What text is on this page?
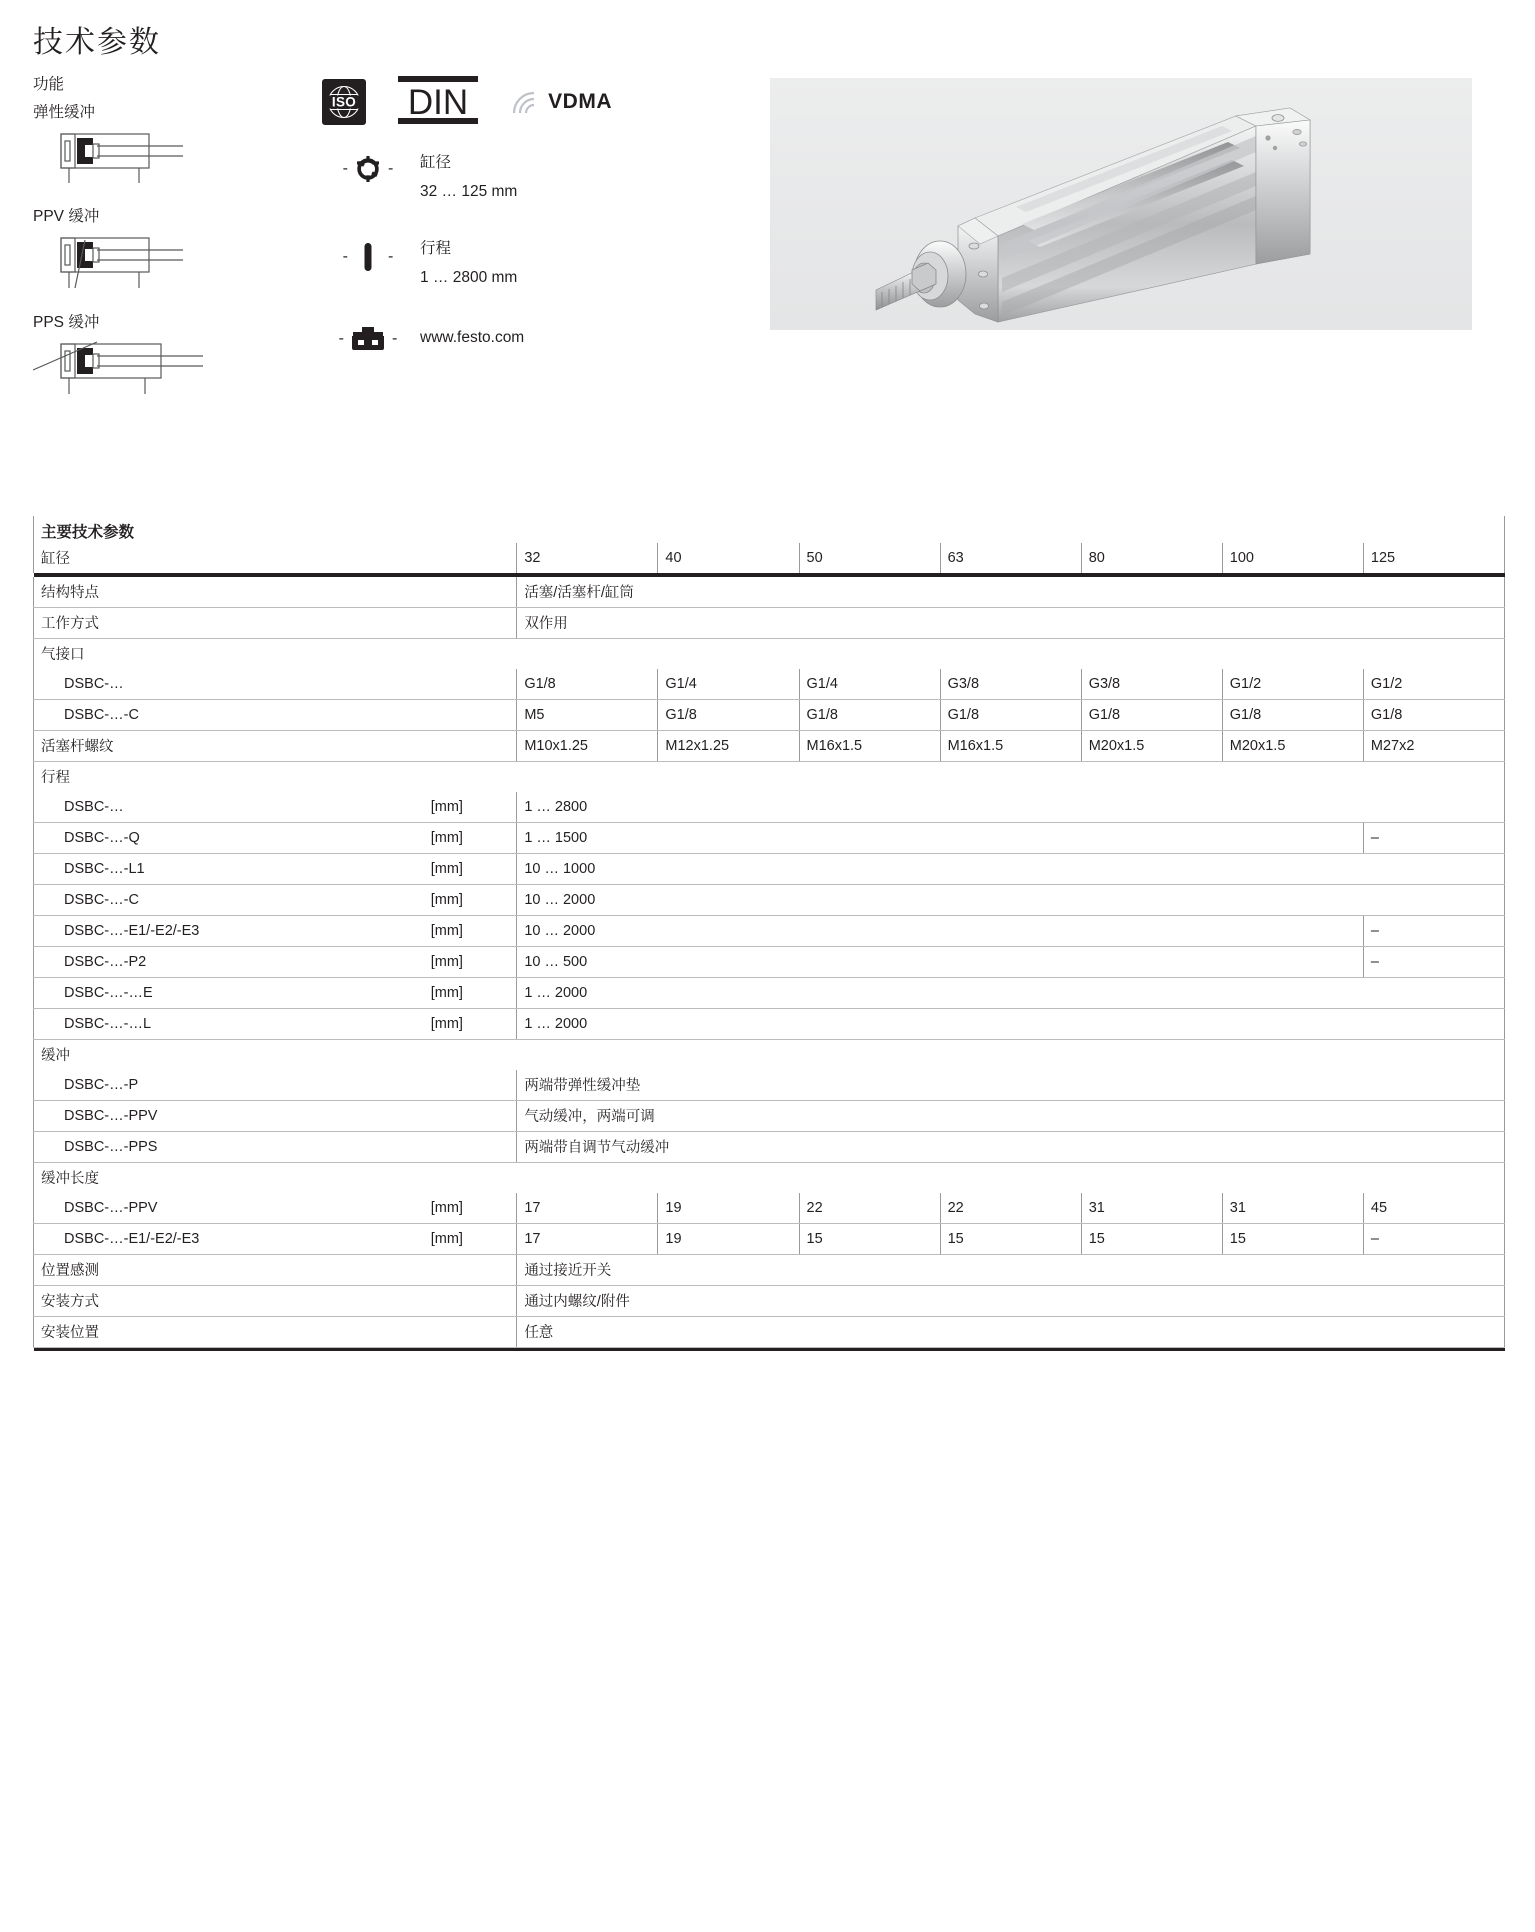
技术参数
功能
弹性缓冲
PPV 缓冲
PPS 缓冲
ISO DIN	VDMA
-	-	缸径
32 … 125 mm
-	-	行程
1 … 2800 mm
-	-	www.festo.com
主要技术参数								
缸径		32	40	50	63	80	100	125

结构特点		活塞/活塞杆/缸筒						
工作方式		双作用						
气接口								
DSBC-…		G1/8	G1/4	G1/4	G3/8	G3/8	G1/2	G1/2
DSBC-…-C		M5	G1/8	G1/8	G1/8	G1/8	G1/8	G1/8
活塞杆螺纹		M10x1.25	M12x1.25	M16x1.5	M16x1.5	M20x1.5	M20x1.5	M27x2
行程								
DSBC-…	[mm]	1 … 2800						
DSBC-…-Q	[mm]	1 … 1500						–
DSBC-…-L1	[mm]	10 … 1000						
DSBC-…-C	[mm]	10 … 2000						
DSBC-…-E1/-E2/-E3	[mm]	10 … 2000						–
DSBC-…-P2	[mm]	10 … 500						–
DSBC-…-…E	[mm]	1 … 2000						
DSBC-…-…L	[mm]	1 … 2000						
缓冲								
DSBC-…-P		两端带弹性缓冲垫						
DSBC-…-PPV		气动缓冲，两端可调						
DSBC-…-PPS		两端带自调节气动缓冲						
缓冲长度								
DSBC-…-PPV	[mm]	17	19	22	22	31	31	45
DSBC-…-E1/-E2/-E3	[mm]	17	19	15	15	15	15	–
位置感测		通过接近开关						
安装方式		通过内螺纹/附件						
安装位置		任意						
